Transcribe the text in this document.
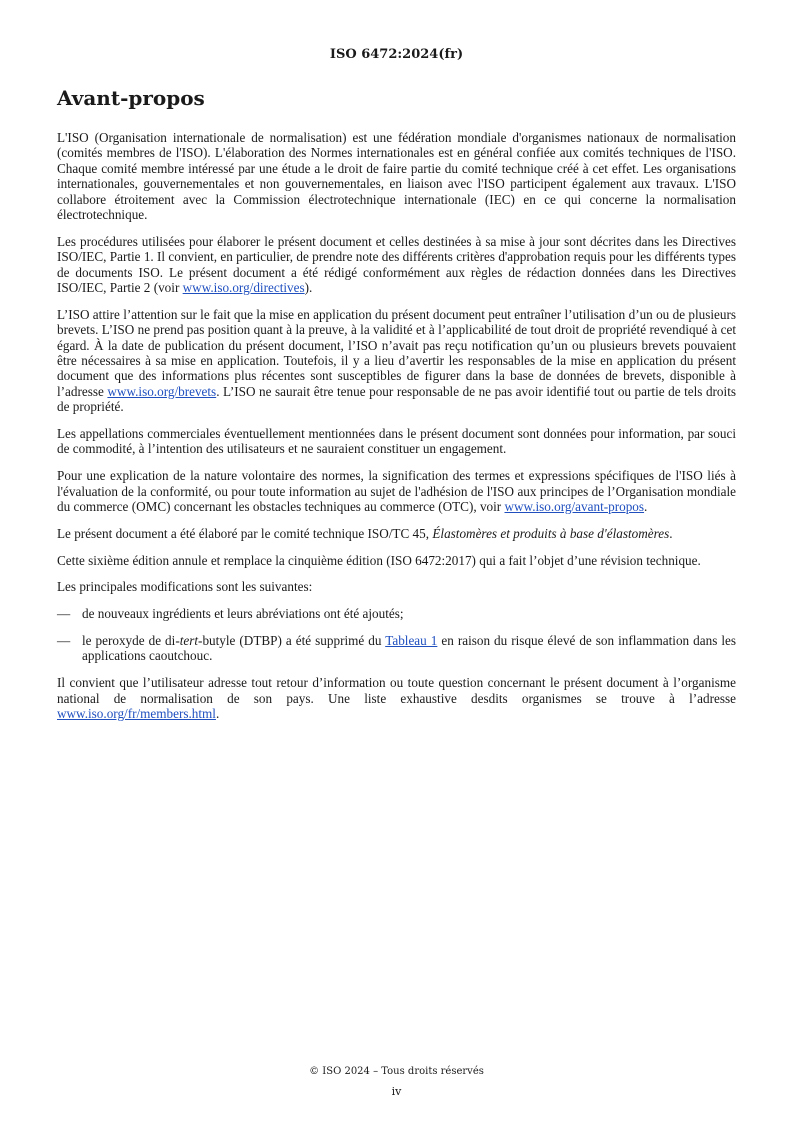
ISO 6472:2024(fr)
Avant-propos

L'ISO (Organisation internationale de normalisation) est une fédération mondiale d'organismes nationaux de normalisation (comités membres de l'ISO). L'élaboration des Normes internationales est en général confiée aux comités techniques de l'ISO. Chaque comité membre intéressé par une étude a le droit de faire partie du comité technique créé à cet effet. Les organisations internationales, gouvernementales et non gouvernementales, en liaison avec l'ISO participent également aux travaux. L'ISO collabore étroitement avec la Commission électrotechnique internationale (IEC) en ce qui concerne la normalisation électrotechnique.

Les procédures utilisées pour élaborer le présent document et celles destinées à sa mise à jour sont décrites dans les Directives ISO/IEC, Partie 1. Il convient, en particulier, de prendre note des différents critères d'approbation requis pour les différents types de documents ISO. Le présent document a été rédigé conformément aux règles de rédaction données dans les Directives ISO/IEC, Partie 2 (voir www.iso.org/directives).

L’ISO attire l’attention sur le fait que la mise en application du présent document peut entraîner l’utilisation d’un ou de plusieurs brevets. L’ISO ne prend pas position quant à la preuve, à la validité et à l’applicabilité de tout droit de propriété revendiqué à cet égard. À la date de publication du présent document, l’ISO n’avait pas reçu notification qu’un ou plusieurs brevets pouvaient être nécessaires à sa mise en application. Toutefois, il y a lieu d’avertir les responsables de la mise en application du présent document que des informations plus récentes sont susceptibles de figurer dans la base de données de brevets, disponible à l’adresse www.iso.org/brevets. L’ISO ne saurait être tenue pour responsable de ne pas avoir identifié tout ou partie de tels droits de propriété.

Les appellations commerciales éventuellement mentionnées dans le présent document sont données pour information, par souci de commodité, à l’intention des utilisateurs et ne sauraient constituer un engagement.

Pour une explication de la nature volontaire des normes, la signification des termes et expressions spécifiques de l'ISO liés à l'évaluation de la conformité, ou pour toute information au sujet de l'adhésion de l'ISO aux principes de l’Organisation mondiale du commerce (OMC) concernant les obstacles techniques au commerce (OTC), voir www.iso.org/avant-propos.

Le présent document a été élaboré par le comité technique ISO/TC 45, Élastomères et produits à base d'élastomères.

Cette sixième édition annule et remplace la cinquième édition (ISO 6472:2017) qui a fait l’objet d’une révision technique.

Les principales modifications sont les suivantes:

— de nouveaux ingrédients et leurs abréviations ont été ajoutés;
— le peroxyde de di-tert-butyle (DTBP) a été supprimé du Tableau 1 en raison du risque élevé de son inflammation dans les applications caoutchouc.

Il convient que l’utilisateur adresse tout retour d’information ou toute question concernant le présent document à l’organisme national de normalisation de son pays. Une liste exhaustive desdits organismes se trouve à l’adresse www.iso.org/fr/members.html.

© ISO 2024 – Tous droits réservés
iv
